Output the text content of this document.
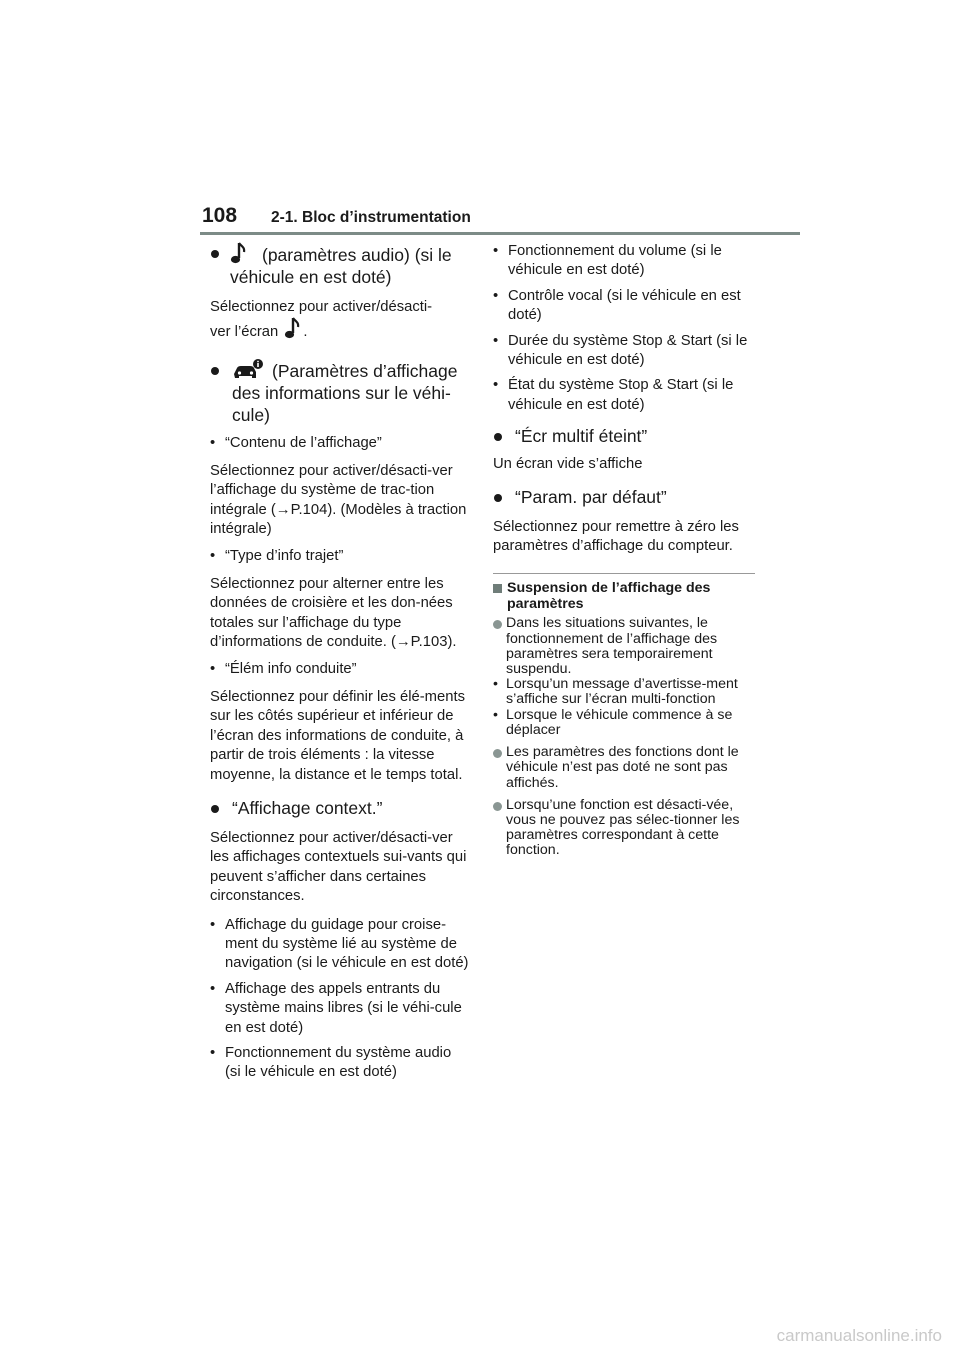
108 2-1. Bloc d’instrumentation
(paramètres audio) (si le véhicule en est doté)

Sélectionnez pour activer/désacti-
ver l’écran .

(Paramètres d’affichage des informations sur le véhi-cule)

• “Contenu de l’affichage”

Sélectionnez pour activer/désacti-ver l’affichage du système de trac-tion intégrale (→P.104). (Modèles à traction intégrale)

• “Type d’info trajet”

Sélectionnez pour alterner entre les données de croisière et les don-nées totales sur l’affichage du type d’informations de conduite. (→P.103).

• “Élém info conduite”

Sélectionnez pour définir les élé-ments sur les côtés supérieur et inférieur de l’écran des informations de conduite, à partir de trois éléments : la vitesse moyenne, la distance et le temps total.

“Affichage context.”

Sélectionnez pour activer/désacti-ver les affichages contextuels sui-vants qui peuvent s’afficher dans certaines circonstances.

• Affichage du guidage pour croise-ment du système lié au système de navigation (si le véhicule en est doté)

• Affichage des appels entrants du système mains libres (si le véhi-cule en est doté)

• Fonctionnement du système audio (si le véhicule en est doté)

• Fonctionnement du volume (si le véhicule en est doté)

• Contrôle vocal (si le véhicule en est doté)

• Durée du système Stop & Start (si le véhicule en est doté)

• État du système Stop & Start (si le véhicule en est doté)

“Écr multif éteint”

Un écran vide s’affiche

“Param. par défaut”

Sélectionnez pour remettre à zéro les paramètres d’affichage du compteur.

Suspension de l’affichage des paramètres

Dans les situations suivantes, le fonctionnement de l’affichage des paramètres sera temporairement suspendu.

• Lorsqu’un message d’avertisse-ment s’affiche sur l’écran multi-fonction

• Lorsque le véhicule commence à se déplacer

Les paramètres des fonctions dont le véhicule n’est pas doté ne sont pas affichés.

Lorsqu’une fonction est désacti-vée, vous ne pouvez pas sélec-tionner les paramètres correspondant à cette fonction.

carmanualsonline.info
